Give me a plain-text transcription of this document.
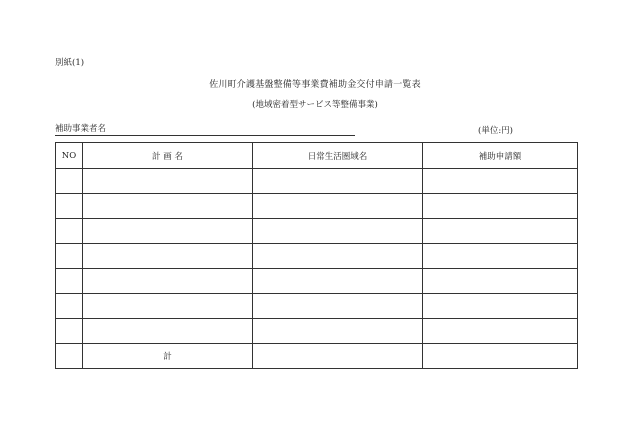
別紙(1)
佐川町介護基盤整備等事業費補助金交付申請一覧表
(地域密着型サービス等整備事業)
補助事業者名	(単位:円)
NO	計 画 名	日常生活圏域名	補助申請額

	計		
